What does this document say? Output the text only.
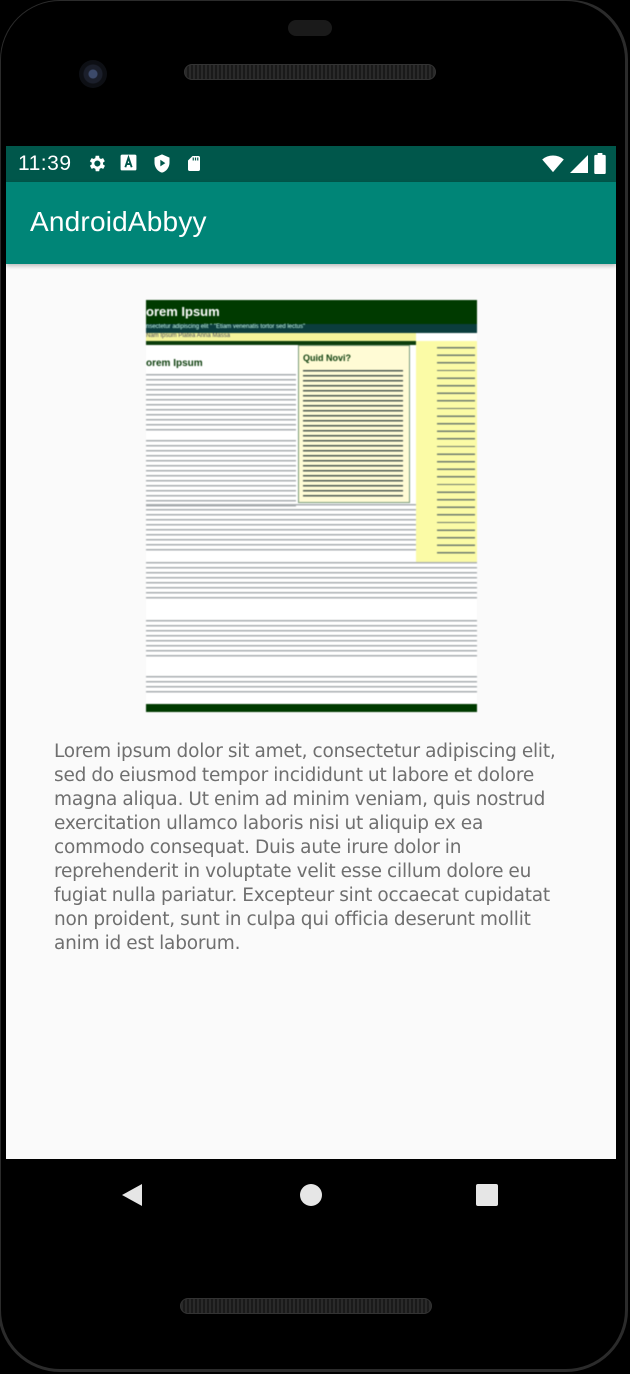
11:39
AndroidAbbyy
orem Ipsum
nsectetur adipiscing elit " "Etiam venenatis tortor sed lectus"
Nam Ipsum Platea Anna Massa
orem Ipsum	Quid Novi?
Lorem ipsum dolor sit amet, consectetur adipiscing elit, sed do eiusmod tempor incididunt ut labore et dolore magna aliqua. Ut enim ad minim veniam, quis nostrud exercitation ullamco laboris nisi ut aliquip ex ea commodo consequat. Duis aute irure dolor in reprehenderit in voluptate velit esse cillum dolore eu fugiat nulla pariatur. Excepteur sint occaecat cupidatat non proident, sunt in culpa qui officia deserunt mollit anim id est laborum.
